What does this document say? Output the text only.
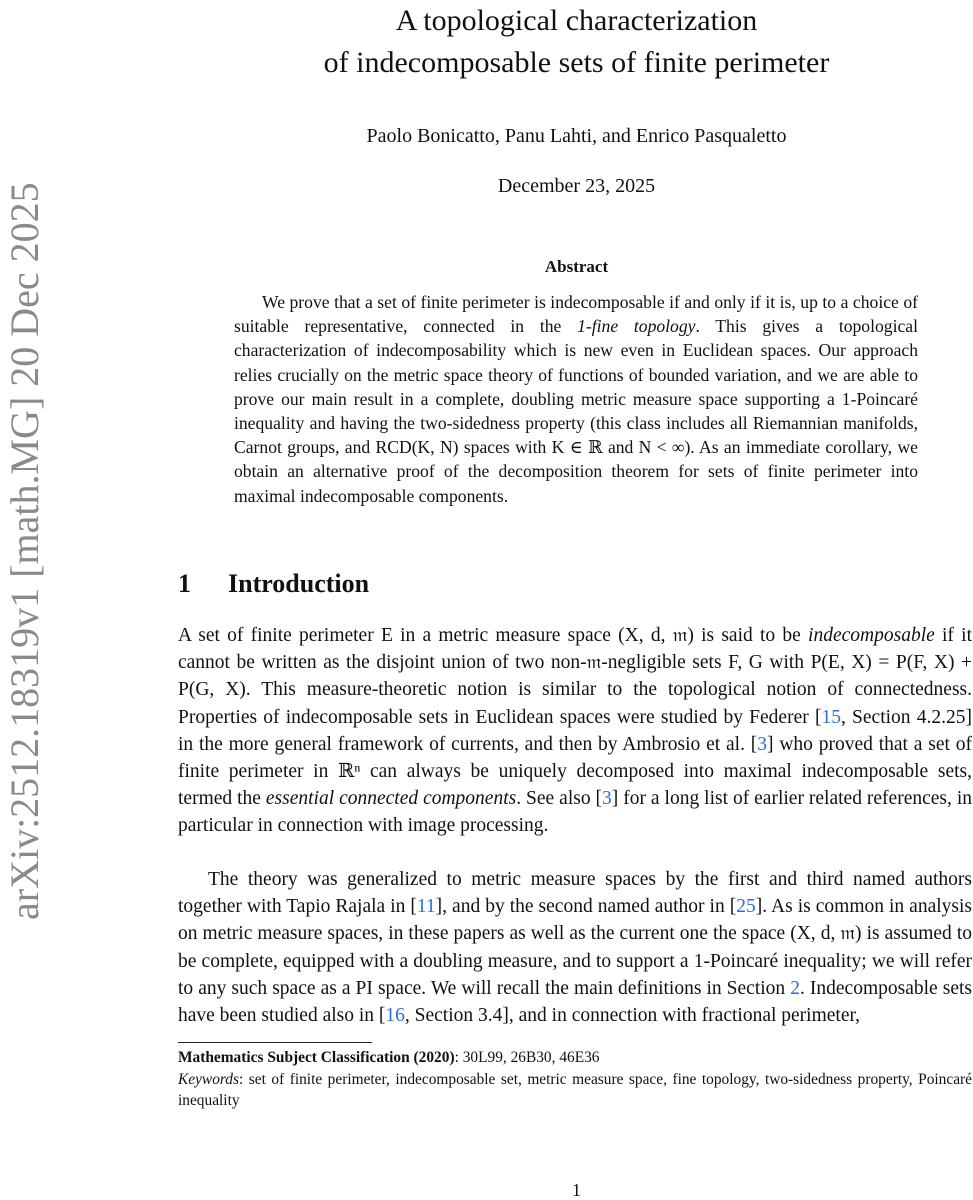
arXiv:2512.18319v1 [math.MG] 20 Dec 2025
A topological characterization
of indecomposable sets of finite perimeter
Paolo Bonicatto, Panu Lahti, and Enrico Pasqualetto
December 23, 2025
Abstract

We prove that a set of finite perimeter is indecomposable if and only if it is, up to a choice of suitable representative, connected in the 1-fine topology. This gives a topological characterization of indecomposability which is new even in Euclidean spaces. Our approach relies crucially on the metric space theory of functions of bounded variation, and we are able to prove our main result in a complete, doubling metric measure space supporting a 1-Poincaré inequality and having the two-sidedness property (this class includes all Riemannian manifolds, Carnot groups, and RCD(K, N) spaces with K ∈ ℝ and N < ∞). As an immediate corollary, we obtain an alternative proof of the decomposition theorem for sets of finite perimeter into maximal indecomposable components.

1 Introduction

A set of finite perimeter E in a metric measure space (X, d, 𝔪) is said to be indecomposable if it cannot be written as the disjoint union of two non-𝔪-negligible sets F, G with P(E, X) = P(F, X) + P(G, X). This measure-theoretic notion is similar to the topological notion of connectedness. Properties of indecomposable sets in Euclidean spaces were studied by Federer [15, Section 4.2.25] in the more general framework of currents, and then by Ambrosio et al. [3] who proved that a set of finite perimeter in ℝⁿ can always be uniquely decomposed into maximal indecomposable sets, termed the essential connected components. See also [3] for a long list of earlier related references, in particular in connection with image processing.

The theory was generalized to metric measure spaces by the first and third named authors together with Tapio Rajala in [11], and by the second named author in [25]. As is common in analysis on metric measure spaces, in these papers as well as the current one the space (X, d, 𝔪) is assumed to be complete, equipped with a doubling measure, and to support a 1-Poincaré inequality; we will refer to any such space as a PI space. We will recall the main definitions in Section 2. Indecomposable sets have been studied also in [16, Section 3.4], and in connection with fractional perimeter,

Mathematics Subject Classification (2020): 30L99, 26B30, 46E36

Keywords: set of finite perimeter, indecomposable set, metric measure space, fine topology, two-sidedness property, Poincaré inequality

1
